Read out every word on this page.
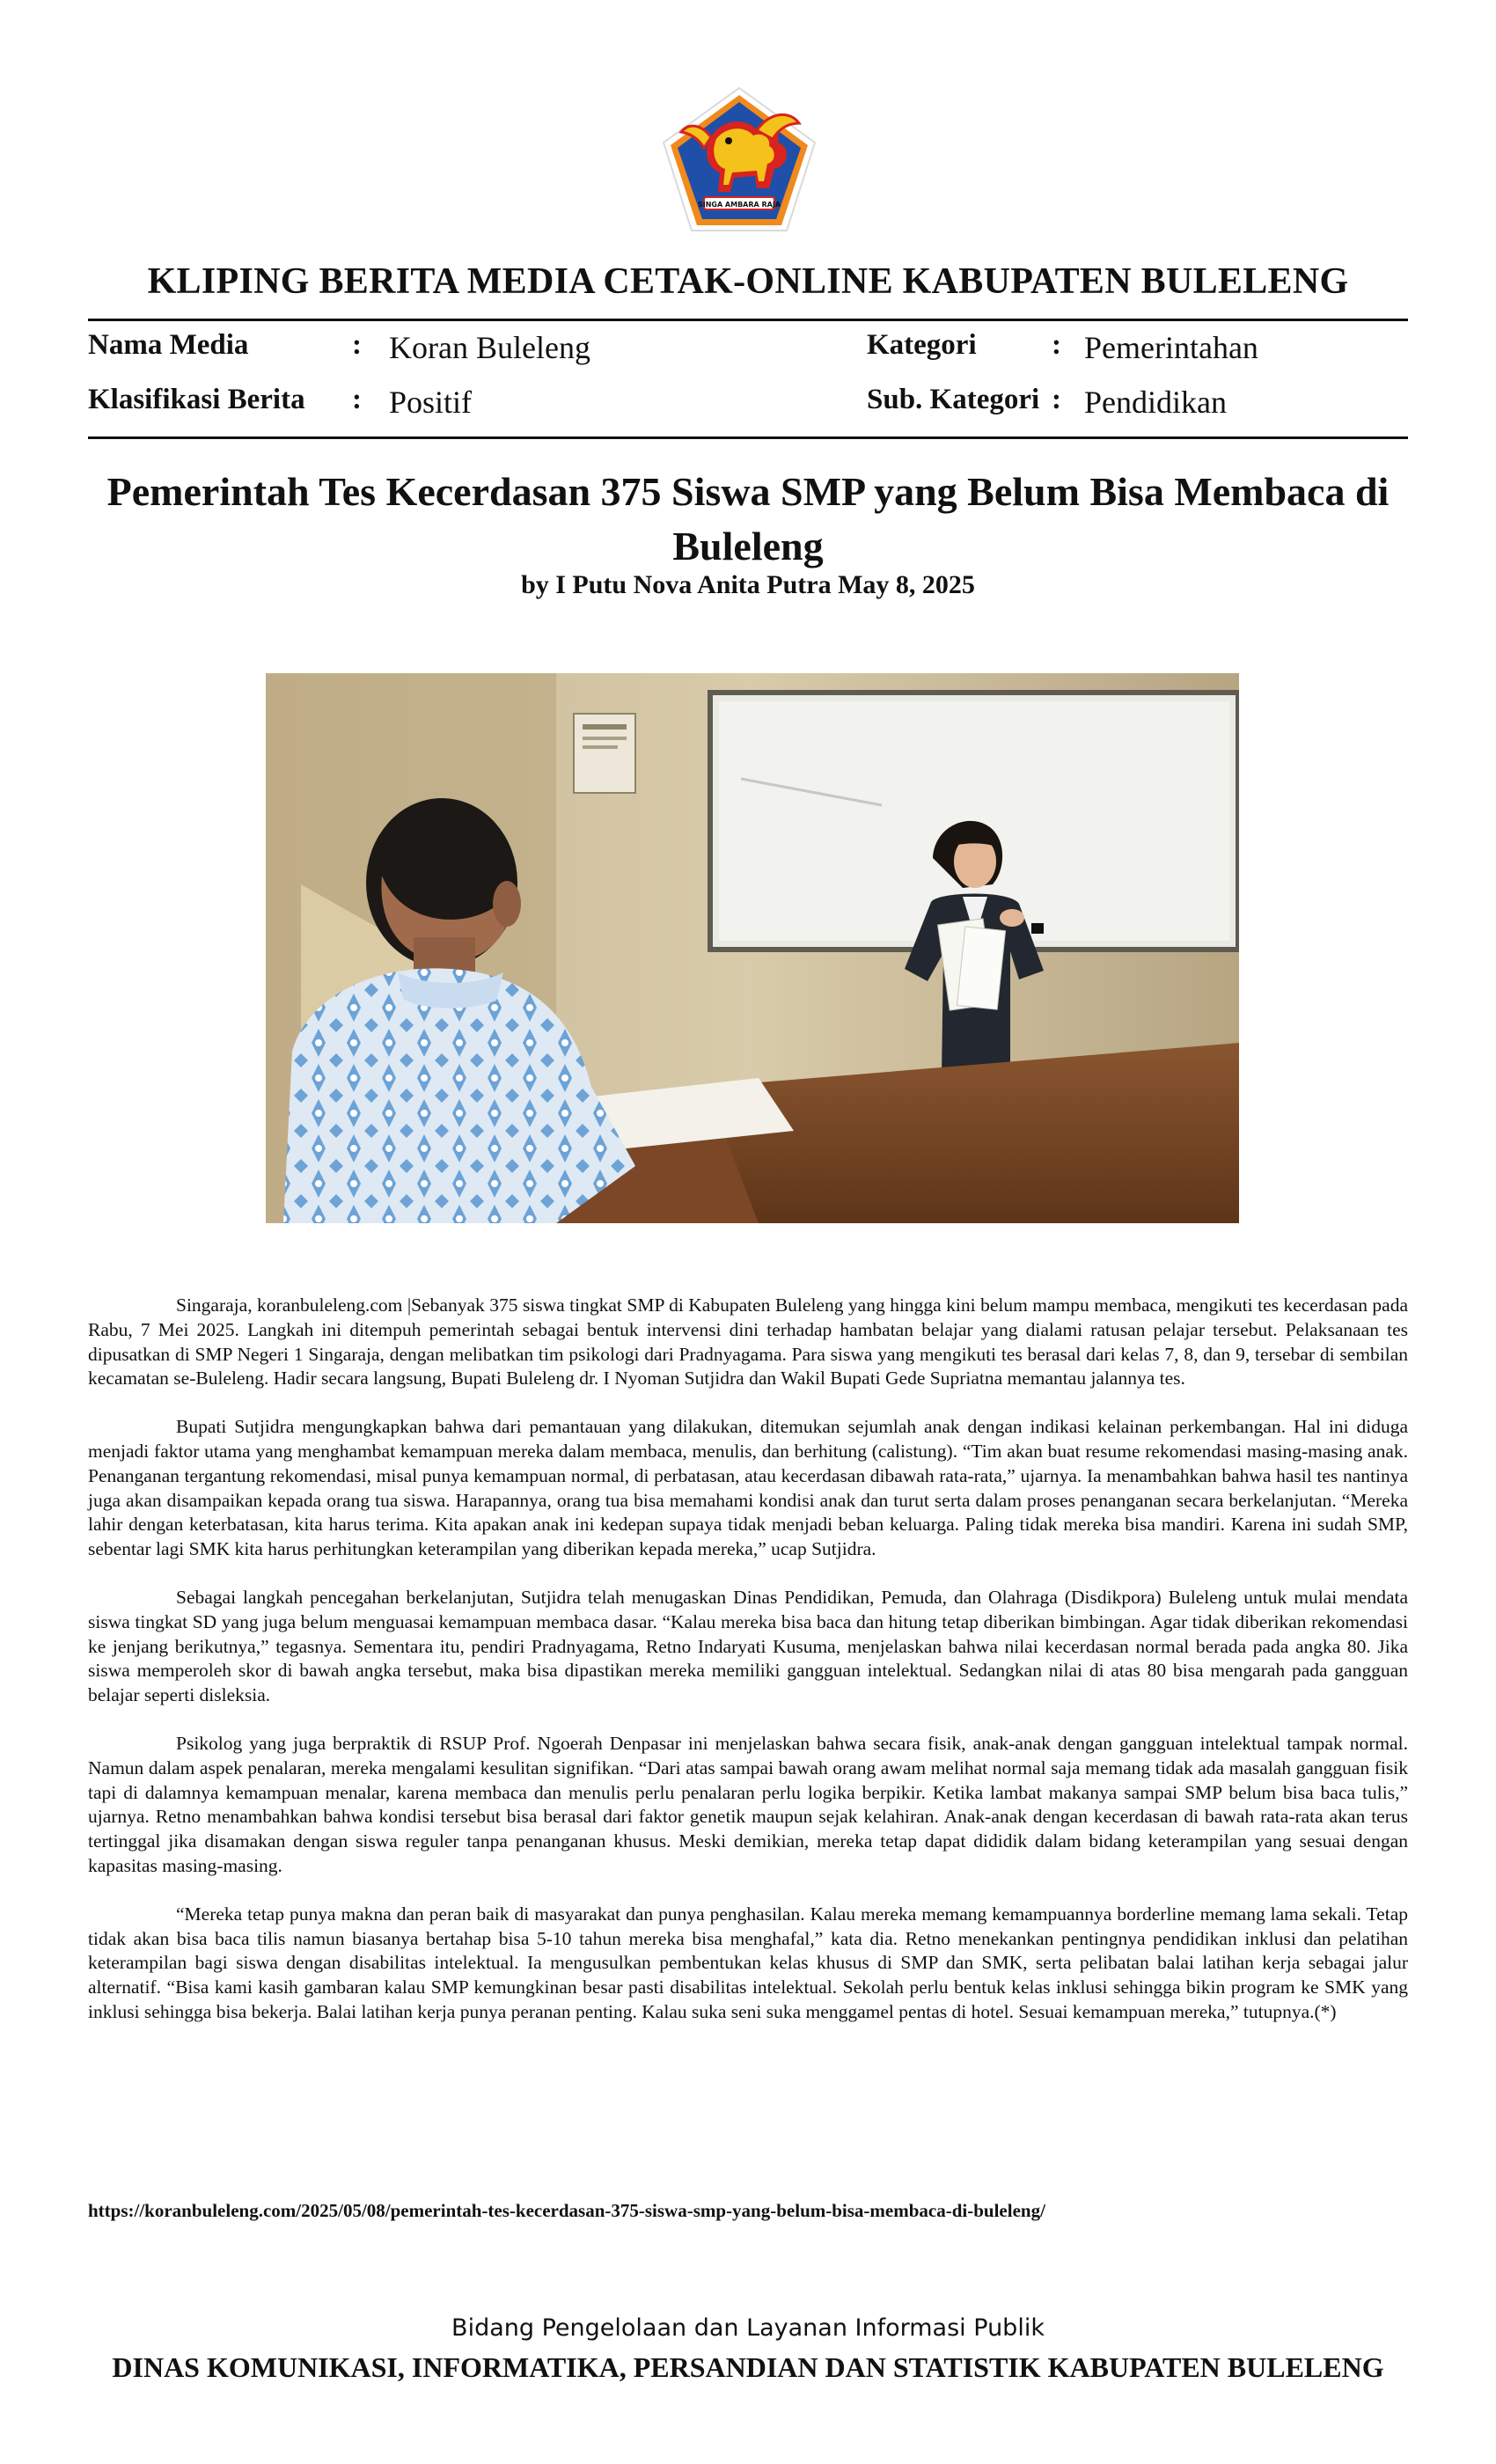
SINGA AMBARA RAJA
KLIPING BERITA MEDIA CETAK-ONLINE KABUPATEN BULELENG
Nama Media	: Koran Buleleng	Kategori	: Pemerintahan
Klasifikasi Berita : Positif	Sub. Kategori : Pendidikan
Pemerintah Tes Kecerdasan 375 Siswa SMP yang Belum Bisa Membaca di Buleleng
by I Putu Nova Anita Putra May 8, 2025

Singaraja, koranbuleleng.com |Sebanyak 375 siswa tingkat SMP di Kabupaten Buleleng yang hingga kini belum mampu membaca, mengikuti tes kecerdasan pada Rabu, 7 Mei 2025. Langkah ini ditempuh pemerintah sebagai bentuk intervensi dini terhadap hambatan belajar yang dialami ratusan pelajar tersebut. Pelaksanaan tes dipusatkan di SMP Negeri 1 Singaraja, dengan melibatkan tim psikologi dari Pradnyagama. Para siswa yang mengikuti tes berasal dari kelas 7, 8, dan 9, tersebar di sembilan kecamatan se-Buleleng. Hadir secara langsung, Bupati Buleleng dr. I Nyoman Sutjidra dan Wakil Bupati Gede Supriatna memantau jalannya tes.

Bupati Sutjidra mengungkapkan bahwa dari pemantauan yang dilakukan, ditemukan sejumlah anak dengan indikasi kelainan perkembangan. Hal ini diduga menjadi faktor utama yang menghambat kemampuan mereka dalam membaca, menulis, dan berhitung (calistung). “Tim akan buat resume rekomendasi masing-masing anak. Penanganan tergantung rekomendasi, misal punya kemampuan normal, di perbatasan, atau kecerdasan dibawah rata-rata,” ujarnya. Ia menambahkan bahwa hasil tes nantinya juga akan disampaikan kepada orang tua siswa. Harapannya, orang tua bisa memahami kondisi anak dan turut serta dalam proses penanganan secara berkelanjutan. “Mereka lahir dengan keterbatasan, kita harus terima. Kita apakan anak ini kedepan supaya tidak menjadi beban keluarga. Paling tidak mereka bisa mandiri. Karena ini sudah SMP, sebentar lagi SMK kita harus perhitungkan keterampilan yang diberikan kepada mereka,” ucap Sutjidra.

Sebagai langkah pencegahan berkelanjutan, Sutjidra telah menugaskan Dinas Pendidikan, Pemuda, dan Olahraga (Disdikpora) Buleleng untuk mulai mendata siswa tingkat SD yang juga belum menguasai kemampuan membaca dasar. “Kalau mereka bisa baca dan hitung tetap diberikan bimbingan. Agar tidak diberikan rekomendasi ke jenjang berikutnya,” tegasnya. Sementara itu, pendiri Pradnyagama, Retno Indaryati Kusuma, menjelaskan bahwa nilai kecerdasan normal berada pada angka 80. Jika siswa memperoleh skor di bawah angka tersebut, maka bisa dipastikan mereka memiliki gangguan intelektual. Sedangkan nilai di atas 80 bisa mengarah pada gangguan belajar seperti disleksia.

Psikolog yang juga berpraktik di RSUP Prof. Ngoerah Denpasar ini menjelaskan bahwa secara fisik, anak-anak dengan gangguan intelektual tampak normal. Namun dalam aspek penalaran, mereka mengalami kesulitan signifikan. “Dari atas sampai bawah orang awam melihat normal saja memang tidak ada masalah gangguan fisik tapi di dalamnya kemampuan menalar, karena membaca dan menulis perlu penalaran perlu logika berpikir. Ketika lambat makanya sampai SMP belum bisa baca tulis,” ujarnya. Retno menambahkan bahwa kondisi tersebut bisa berasal dari faktor genetik maupun sejak kelahiran. Anak-anak dengan kecerdasan di bawah rata-rata akan terus tertinggal jika disamakan dengan siswa reguler tanpa penanganan khusus. Meski demikian, mereka tetap dapat dididik dalam bidang keterampilan yang sesuai dengan kapasitas masing-masing.

“Mereka tetap punya makna dan peran baik di masyarakat dan punya penghasilan. Kalau mereka memang kemampuannya borderline memang lama sekali. Tetap tidak akan bisa baca tilis namun biasanya bertahap bisa 5-10 tahun mereka bisa menghafal,” kata dia. Retno menekankan pentingnya pendidikan inklusi dan pelatihan keterampilan bagi siswa dengan disabilitas intelektual. Ia mengusulkan pembentukan kelas khusus di SMP dan SMK, serta pelibatan balai latihan kerja sebagai jalur alternatif. “Bisa kami kasih gambaran kalau SMP kemungkinan besar pasti disabilitas intelektual. Sekolah perlu bentuk kelas inklusi sehingga bikin program ke SMK yang inklusi sehingga bisa bekerja. Balai latihan kerja punya peranan penting. Kalau suka seni suka menggamel pentas di hotel. Sesuai kemampuan mereka,” tutupnya.(*)

https://koranbuleleng.com/2025/05/08/pemerintah-tes-kecerdasan-375-siswa-smp-yang-belum-bisa-membaca-di-buleleng/
Bidang Pengelolaan dan Layanan Informasi Publik
DINAS KOMUNIKASI, INFORMATIKA, PERSANDIAN DAN STATISTIK KABUPATEN BULELENG
